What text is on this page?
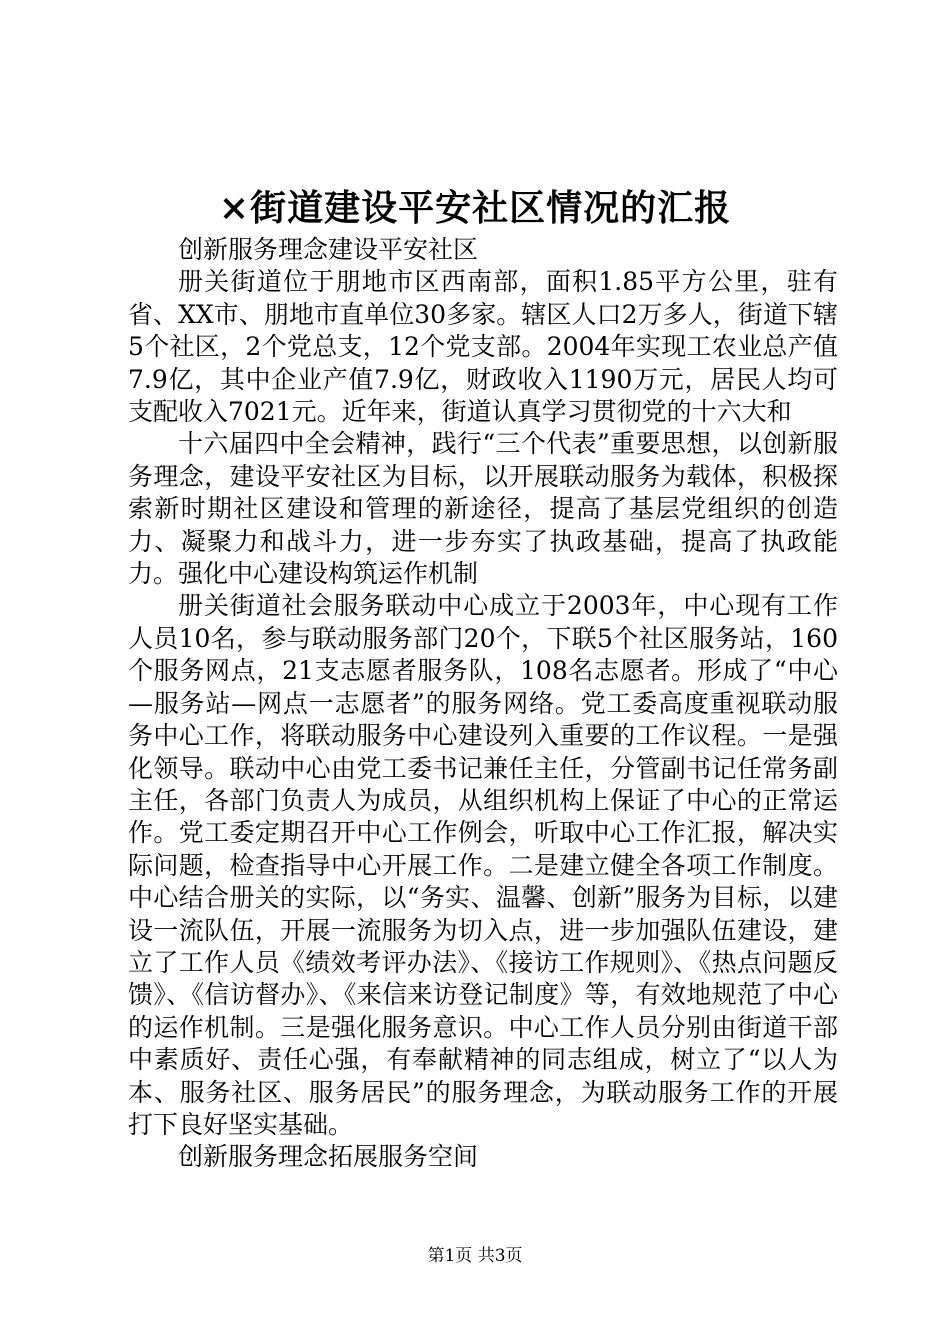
×街道建设平安社区情况的汇报

创新服务理念建设平安社区

册关街道位于朋地市区西南部，面积1.85平方公里，驻有省、XX市、朋地市直单位30多家。辖区人口2万多人，街道下辖5个社区，2个党总支，12个党支部。2004年实现工农业总产值7.9亿，其中企业产值7.9亿，财政收入1190万元，居民人均可支配收入7021元。近年来，街道认真学习贯彻党的十六大和

十六届四中全会精神，践行“三个代表”重要思想，以创新服务理念，建设平安社区为目标，以开展联动服务为载体，积极探索新时期社区建设和管理的新途径，提高了基层党组织的创造力、凝聚力和战斗力，进一步夯实了执政基础，提高了执政能力。强化中心建设构筑运作机制

册关街道社会服务联动中心成立于2003年，中心现有工作人员10名，参与联动服务部门20个，下联5个社区服务站，160个服务网点，21支志愿者服务队，108名志愿者。形成了“中心—服务站—网点一志愿者”的服务网络。党工委高度重视联动服务中心工作，将联动服务中心建设列入重要的工作议程。一是强化领导。联动中心由党工委书记兼任主任，分管副书记任常务副主任，各部门负责人为成员，从组织机构上保证了中心的正常运作。党工委定期召开中心工作例会，听取中心工作汇报，解决实际问题，检查指导中心开展工作。二是建立健全各项工作制度。中心结合册关的实际，以“务实、温馨、创新”服务为目标，以建设一流队伍，开展一流服务为切入点，进一步加强队伍建设，建立了工作人员《绩效考评办法》、《接访工作规则》、《热点问题反馈》、《信访督办》、《来信来访登记制度》等，有效地规范了中心的运作机制。三是强化服务意识。中心工作人员分别由街道干部中素质好、责任心强，有奉献精神的同志组成，树立了“以人为本、服务社区、服务居民”的服务理念，为联动服务工作的开展打下良好坚实基础。

创新服务理念拓展服务空间

第1页 共3页
